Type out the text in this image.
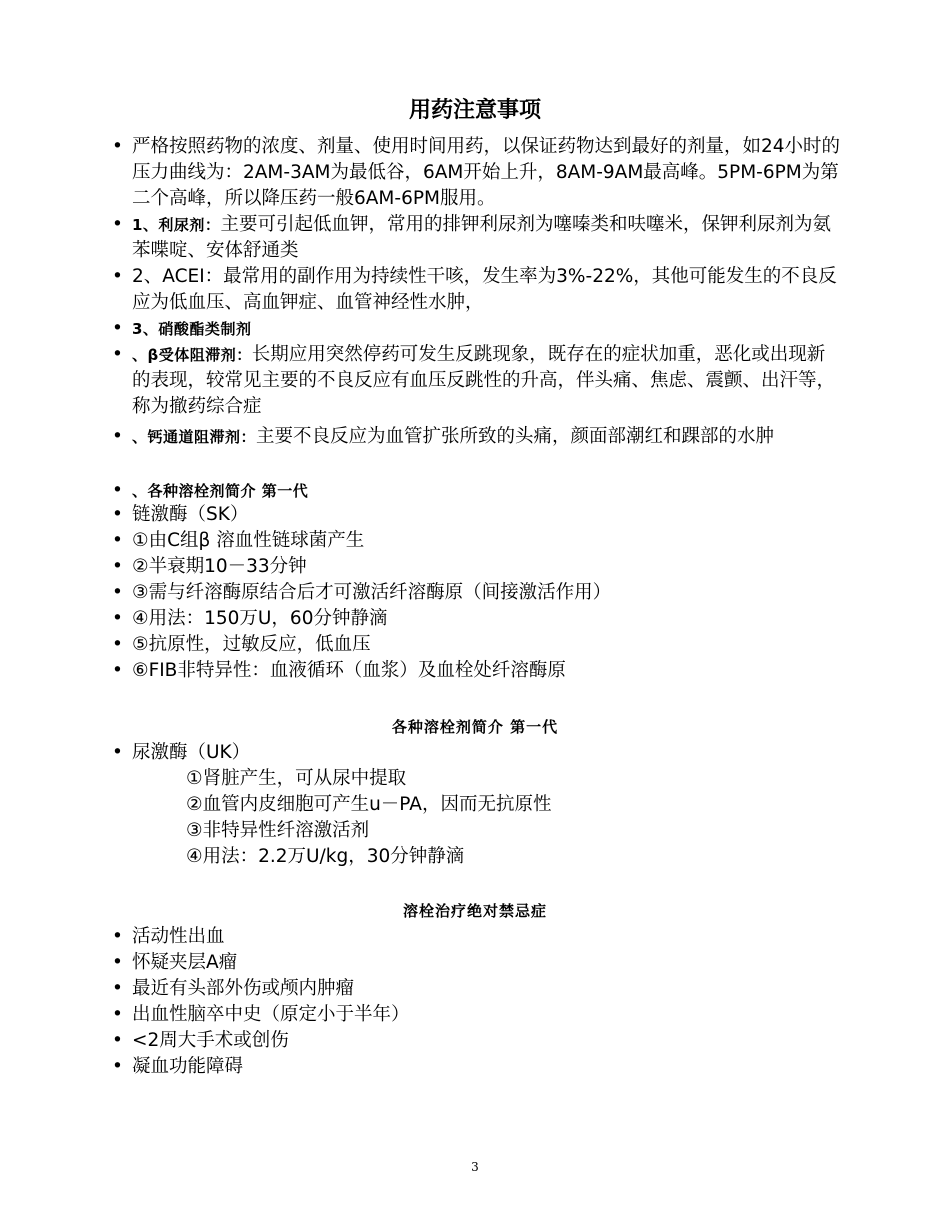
用药注意事项
• 严格按照药物的浓度、剂量、使用时间用药，以保证药物达到最好的剂量，如24小时的压力曲线为：2AM-3AM为最低谷，6AM开始上升，8AM-9AM最高峰。5PM-6PM为第二个高峰，所以降压药一般6AM-6PM服用。
• 1、利尿剂：主要可引起低血钾，常用的排钾利尿剂为噻嗪类和呋噻米，保钾利尿剂为氨苯喋啶、安体舒通类
• 2、ACEI：最常用的副作用为持续性干咳，发生率为3%-22%，其他可能发生的不良反应为低血压、高血钾症、血管神经性水肿，
• 3、硝酸酯类制剂
• 、β受体阻滞剂：长期应用突然停药可发生反跳现象，既存在的症状加重，恶化或出现新的表现，较常见主要的不良反应有血压反跳性的升高，伴头痛、焦虑、震颤、出汗等，称为撤药综合症
• 、钙通道阻滞剂：主要不良反应为血管扩张所致的头痛，颜面部潮红和踝部的水肿
• 、各种溶栓剂简介 第一代
• 链激酶（SK）
• ①由C组β 溶血性链球菌产生
• ②半衰期10－33分钟
• ③需与纤溶酶原结合后才可激活纤溶酶原（间接激活作用）
• ④用法：150万U，60分钟静滴
• ⑤抗原性，过敏反应，低血压
• ⑥FIB非特异性：血液循环（血浆）及血栓处纤溶酶原
各种溶栓剂简介 第一代
• 尿激酶（UK）
①肾脏产生，可从尿中提取
②血管内皮细胞可产生u－PA，因而无抗原性
③非特异性纤溶激活剂
④用法：2.2万U/kg，30分钟静滴
溶栓治疗绝对禁忌症
• 活动性出血
• 怀疑夹层A瘤
• 最近有头部外伤或颅内肿瘤
• 出血性脑卒中史（原定小于半年）
• <2周大手术或创伤
• 凝血功能障碍
3
